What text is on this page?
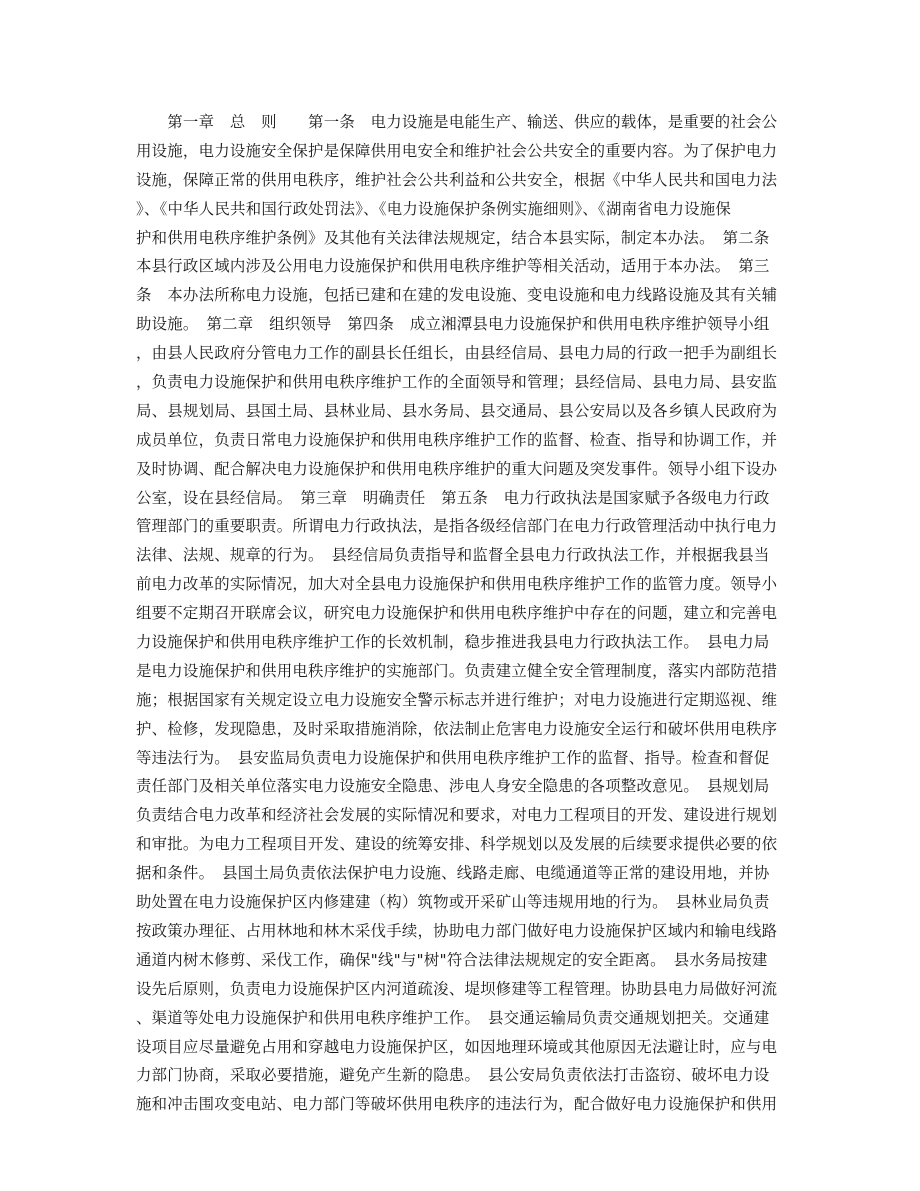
　　第一章　总　则　　第一条　电力设施是电能生产、输送、供应的载体，是重要的社会公
用设施，电力设施安全保护是保障供用电安全和维护社会公共安全的重要内容。为了保护电力
设施，保障正常的供用电秩序，维护社会公共利益和公共安全，根据《中华人民共和国电力法
》、《中华人民共和国行政处罚法》、《电力设施保护条例实施细则》、《湖南省电力设施保
护和供用电秩序维护条例》及其他有关法律法规规定，结合本县实际，制定本办法。　第二条
本县行政区域内涉及公用电力设施保护和供用电秩序维护等相关活动，适用于本办法。　第三
条　本办法所称电力设施，包括已建和在建的发电设施、变电设施和电力线路设施及其有关辅
助设施。　第二章　组织领导　第四条　成立湘潭县电力设施保护和供用电秩序维护领导小组
，由县人民政府分管电力工作的副县长任组长，由县经信局、县电力局的行政一把手为副组长
，负责电力设施保护和供用电秩序维护工作的全面领导和管理；县经信局、县电力局、县安监
局、县规划局、县国土局、县林业局、县水务局、县交通局、县公安局以及各乡镇人民政府为
成员单位，负责日常电力设施保护和供用电秩序维护工作的监督、检查、指导和协调工作，并
及时协调、配合解决电力设施保护和供用电秩序维护的重大问题及突发事件。领导小组下设办
公室，设在县经信局。　第三章　明确责任　第五条　电力行政执法是国家赋予各级电力行政
管理部门的重要职责。所谓电力行政执法，是指各级经信部门在电力行政管理活动中执行电力
法律、法规、规章的行为。　县经信局负责指导和监督全县电力行政执法工作，并根据我县当
前电力改革的实际情况，加大对全县电力设施保护和供用电秩序维护工作的监管力度。领导小
组要不定期召开联席会议，研究电力设施保护和供用电秩序维护中存在的问题，建立和完善电
力设施保护和供用电秩序维护工作的长效机制，稳步推进我县电力行政执法工作。　县电力局
是电力设施保护和供用电秩序维护的实施部门。负责建立健全安全管理制度，落实内部防范措
施；根据国家有关规定设立电力设施安全警示标志并进行维护；对电力设施进行定期巡视、维
护、检修，发现隐患，及时采取措施消除，依法制止危害电力设施安全运行和破坏供用电秩序
等违法行为。　县安监局负责电力设施保护和供用电秩序维护工作的监督、指导。检查和督促
责任部门及相关单位落实电力设施安全隐患、涉电人身安全隐患的各项整改意见。　县规划局
负责结合电力改革和经济社会发展的实际情况和要求，对电力工程项目的开发、建设进行规划
和审批。为电力工程项目开发、建设的统筹安排、科学规划以及发展的后续要求提供必要的依
据和条件。　县国土局负责依法保护电力设施、线路走廊、电缆通道等正常的建设用地，并协
助处置在电力设施保护区内修建建（构）筑物或开采矿山等违规用地的行为。　县林业局负责
按政策办理征、占用林地和林木采伐手续，协助电力部门做好电力设施保护区域内和输电线路
通道内树木修剪、采伐工作，确保"线"与"树"符合法律法规规定的安全距离。　县水务局按建
设先后原则，负责电力设施保护区内河道疏浚、堤坝修建等工程管理。协助县电力局做好河流
、渠道等处电力设施保护和供用电秩序维护工作。　县交通运输局负责交通规划把关。交通建
设项目应尽量避免占用和穿越电力设施保护区，如因地理环境或其他原因无法避让时，应与电
力部门协商，采取必要措施，避免产生新的隐患。　县公安局负责依法打击盗窃、破坏电力设
施和冲击围攻变电站、电力部门等破坏供用电秩序的违法行为，配合做好电力设施保护和供用
